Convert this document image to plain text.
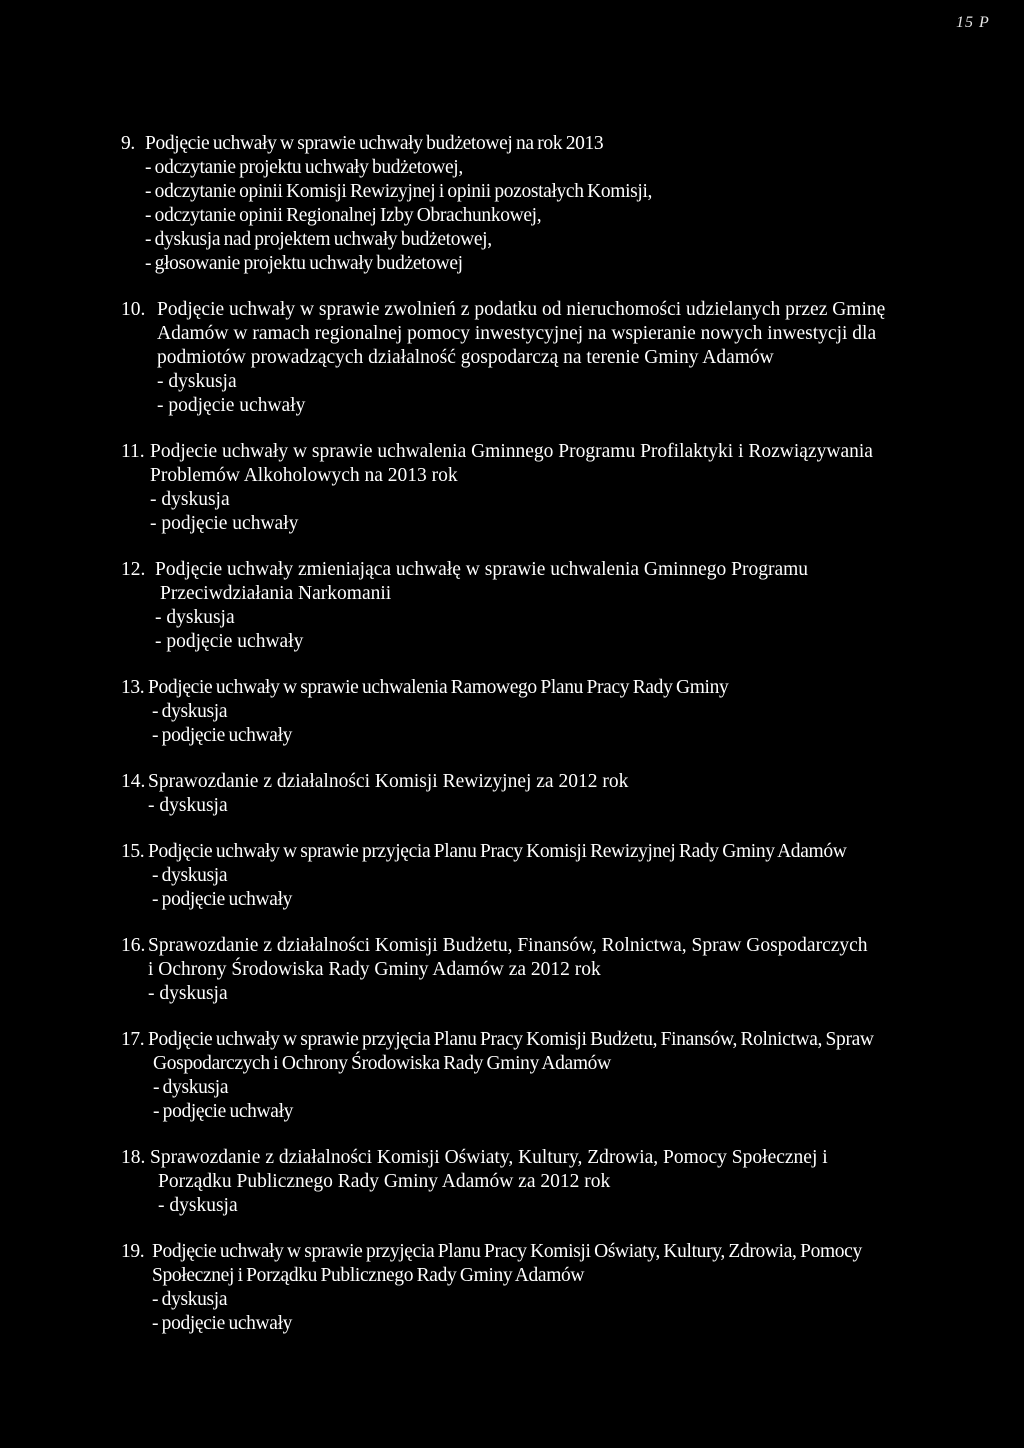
15 P
9. Podjęcie uchwały w sprawie uchwały budżetowej na rok 2013
- odczytanie projektu uchwały budżetowej,
- odczytanie opinii Komisji Rewizyjnej i opinii pozostałych Komisji,
- odczytanie opinii Regionalnej Izby Obrachunkowej,
- dyskusja nad projektem uchwały budżetowej,
- głosowanie projektu uchwały budżetowej
10. Podjęcie uchwały w sprawie zwolnień z podatku od nieruchomości udzielanych przez Gminę
Adamów w ramach regionalnej pomocy inwestycyjnej na wspieranie nowych inwestycji dla
podmiotów prowadzących działalność gospodarczą na terenie Gminy Adamów
- dyskusja
- podjęcie uchwały
11. Podjecie uchwały w sprawie uchwalenia Gminnego Programu Profilaktyki i Rozwiązywania
Problemów Alkoholowych na 2013 rok
- dyskusja
- podjęcie uchwały
12. Podjęcie uchwały zmieniająca uchwałę w sprawie uchwalenia Gminnego Programu
Przeciwdziałania Narkomanii
- dyskusja
- podjęcie uchwały
13. Podjęcie uchwały w sprawie uchwalenia Ramowego Planu Pracy Rady Gminy
- dyskusja
- podjęcie uchwały
14. Sprawozdanie z działalności Komisji Rewizyjnej za 2012 rok
- dyskusja
15. Podjęcie uchwały w sprawie przyjęcia Planu Pracy Komisji Rewizyjnej Rady Gminy Adamów
- dyskusja
- podjęcie uchwały
16. Sprawozdanie z działalności Komisji Budżetu, Finansów, Rolnictwa, Spraw Gospodarczych
i Ochrony Środowiska Rady Gminy Adamów za 2012 rok
- dyskusja
17. Podjęcie uchwały w sprawie przyjęcia Planu Pracy Komisji Budżetu, Finansów, Rolnictwa, Spraw
Gospodarczych i Ochrony Środowiska Rady Gminy Adamów
- dyskusja
- podjęcie uchwały
18. Sprawozdanie z działalności Komisji Oświaty, Kultury, Zdrowia, Pomocy Społecznej i
Porządku Publicznego Rady Gminy Adamów za 2012 rok
- dyskusja
19. Podjęcie uchwały w sprawie przyjęcia Planu Pracy Komisji Oświaty, Kultury, Zdrowia, Pomocy
Społecznej i Porządku Publicznego Rady Gminy Adamów
- dyskusja
- podjęcie uchwały
